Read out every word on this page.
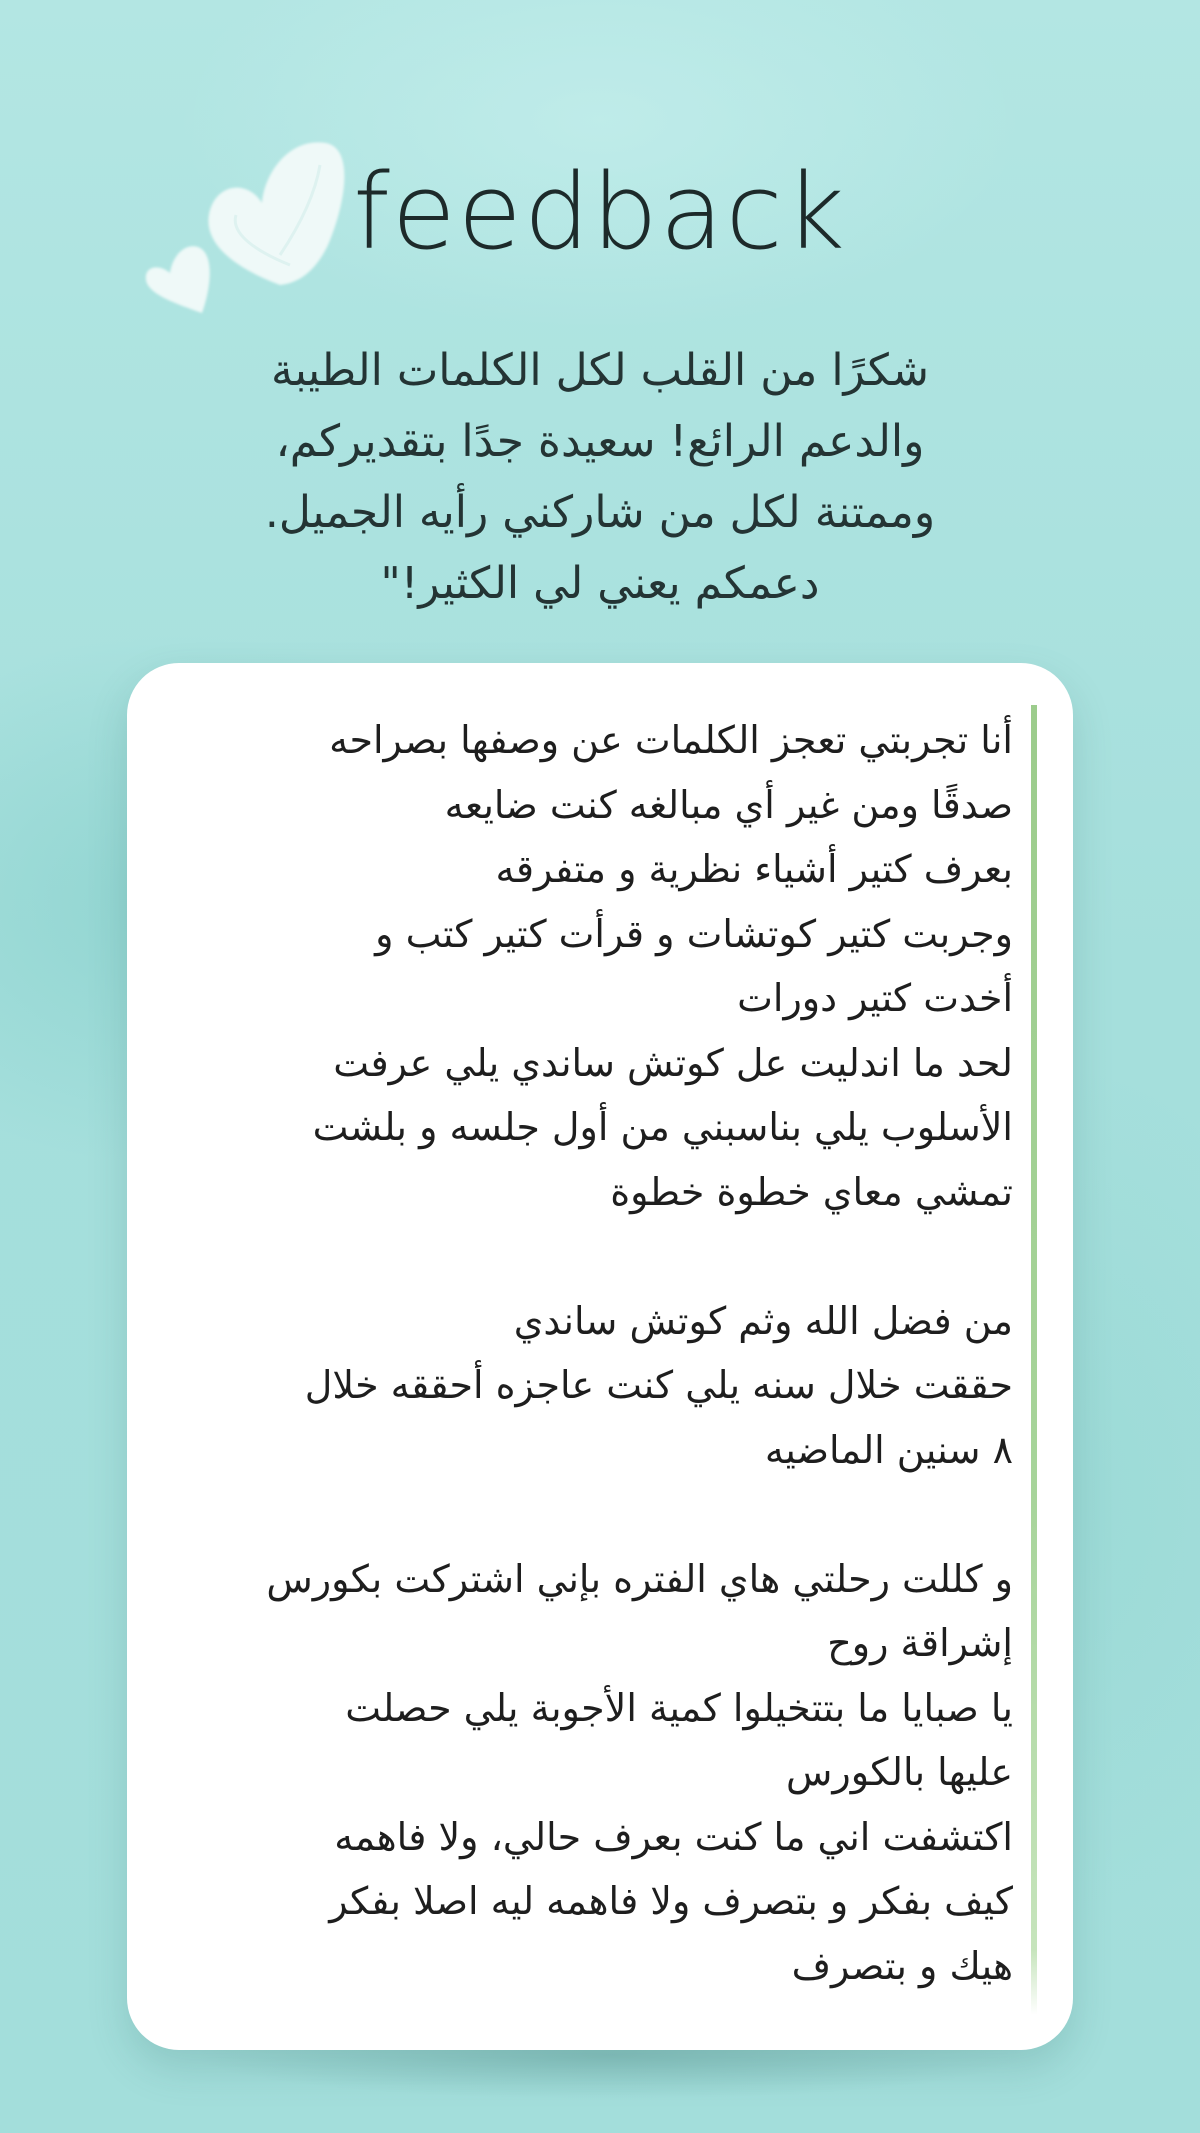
feedback
شكرًا من القلب لكل الكلمات الطيبة
والدعم الرائع! سعيدة جدًا بتقديركم،
وممتنة لكل من شاركني رأيه الجميل.
دعمكم يعني لي الكثير!"
أنا تجربتي تعجز الكلمات عن وصفها بصراحه
صدقًا ومن غير أي مبالغه كنت ضايعه
بعرف كتير أشياء نظرية و متفرقه
وجربت كتير كوتشات و قرأت كتير كتب و
أخدت كتير دورات
لحد ما اندليت عل كوتش ساندي يلي عرفت
الأسلوب يلي بناسبني من أول جلسه و بلشت
تمشي معاي خطوة خطوة
من فضل الله وثم كوتش ساندي
حققت خلال سنه يلي كنت عاجزه أحققه خلال
٨ سنين الماضيه
و كللت رحلتي هاي الفتره بإني اشتركت بكورس
إشراقة روح
يا صبايا ما بتتخيلوا كمية الأجوبة يلي حصلت
عليها بالكورس
اكتشفت اني ما كنت بعرف حالي، ولا فاهمه
كيف بفكر و بتصرف ولا فاهمه ليه اصلا بفكر
هيك و بتصرف
